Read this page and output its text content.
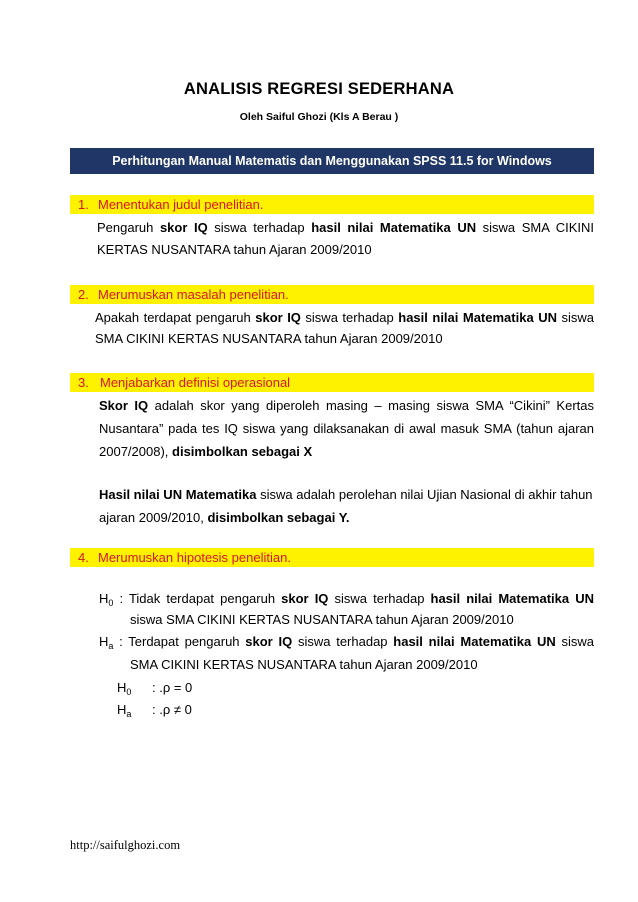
ANALISIS REGRESI SEDERHANA
Oleh Saiful Ghozi (Kls A Berau )
Perhitungan Manual Matematis dan Menggunakan SPSS 11.5 for Windows
1. Menentukan judul penelitian.
Pengaruh skor IQ siswa terhadap hasil nilai Matematika UN siswa SMA CIKINI
KERTAS NUSANTARA tahun Ajaran 2009/2010
2. Merumuskan masalah penelitian.
Apakah terdapat pengaruh skor IQ siswa terhadap hasil nilai Matematika UN siswa
SMA CIKINI KERTAS NUSANTARA tahun Ajaran 2009/2010
3. Menjabarkan definisi operasional
Skor IQ adalah skor yang diperoleh masing – masing siswa SMA “Cikini” Kertas
Nusantara” pada tes IQ siswa yang dilaksanakan di awal masuk SMA (tahun ajaran
2007/2008), disimbolkan sebagai X
Hasil nilai UN Matematika siswa adalah perolehan nilai Ujian Nasional di akhir tahun
ajaran 2009/2010, disimbolkan sebagai Y.
4. Merumuskan hipotesis penelitian.
$H_0$ : Tidak terdapat pengaruh skor IQ siswa terhadap hasil nilai Matematika UN
siswa SMA CIKINI KERTAS NUSANTARA tahun Ajaran 2009/2010
$H_a$ : Terdapat pengaruh skor IQ siswa terhadap hasil nilai Matematika UN siswa
SMA CIKINI KERTAS NUSANTARA tahun Ajaran 2009/2010
$H_0$ : .ρ = 0
$H_a$ : .ρ ≠ 0
http://saifulghozi.com
